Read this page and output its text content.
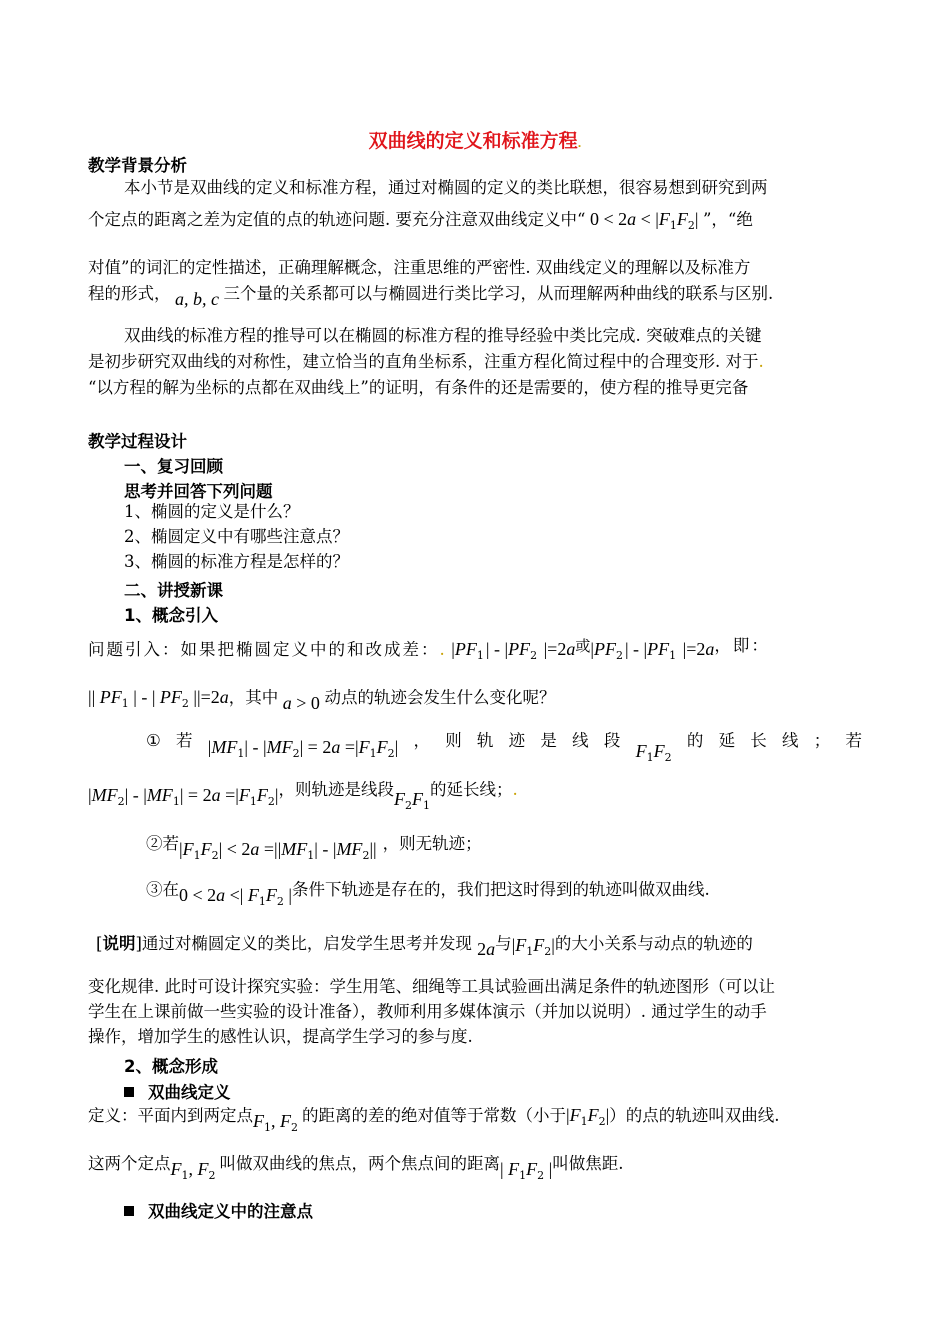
双曲线的定义和标准方程.
教学背景分析
本小节是双曲线的定义和标准方程，通过对椭圆的定义的类比联想，很容易想到研究到两
个定点的距离之差为定值的点的轨迹问题. 要充分注意双曲线定义中“ $0 < 2a < |F_1F_2|$ ”，“绝
对值”的词汇的定性描述，正确理解概念，注重思维的严密性. 双曲线定义的理解以及标准方
程的形式， a, b, c 三个量的关系都可以与椭圆进行类比学习，从而理解两种曲线的联系与区别.
双曲线的标准方程的推导可以在椭圆的标准方程的推导经验中类比完成. 突破难点的关键
是初步研究双曲线的对称性，建立恰当的直角坐标系，注重方程化简过程中的合理变形. 对于.
“以方程的解为坐标的点都在双曲线上”的证明，有条件的还是需要的，使方程的推导更完备
教学过程设计
一、复习回顾
思考并回答下列问题
1、椭圆的定义是什么？
2、椭圆定义中有哪些注意点？
3、椭圆的标准方程是怎样的？
二、讲授新课
1、概念引入
问题引入：如果把椭圆定义中的和改成差：. $|PF_1| - |PF_2$ |=2a或$|PF_2| - |PF_1$ |=2a，即：
|| $PF_1$ | - | $PF_2$ ||=2a，其中 a > 0 动点的轨迹会发生什么变化呢？
① 若 $|MF_1| - |MF_2| = 2a =|F_1F_2|$ ， 则 轨 迹 是 线 段
$F_1F_2$
的 延 长 线 ； 若
$|MF_2| - |MF_1| = 2a =|F_1F_2|$，则轨迹是线段$F_2F_1$的延长线；.
②若$|F_1F_2| < 2a =||MF_1| - |MF_2||$ ，则无轨迹；
③在0 < 2a <| $F_1F_2$ |条件下轨迹是存在的，我们把这时得到的轨迹叫做双曲线.
[说明]通过对椭圆定义的类比，启发学生思考并发现 2a与$|F_1F_2|$的大小关系与动点的轨迹的
变化规律. 此时可设计探究实验：学生用笔、细绳等工具试验画出满足条件的轨迹图形（可以让
学生在上课前做一些实验的设计准备），教师利用多媒体演示（并加以说明）. 通过学生的动手
操作，增加学生的感性认识，提高学生学习的参与度.
2、概念形成
双曲线定义
定义：平面内到两定点$F_1$, $F_2$的距离的差的绝对值等于常数（小于$|F_1F_2|$）的点的轨迹叫双曲线.
这两个定点$F_1$, $F_2$叫做双曲线的焦点，两个焦点间的距离| $F_1F_2$ |叫做焦距.
双曲线定义中的注意点
